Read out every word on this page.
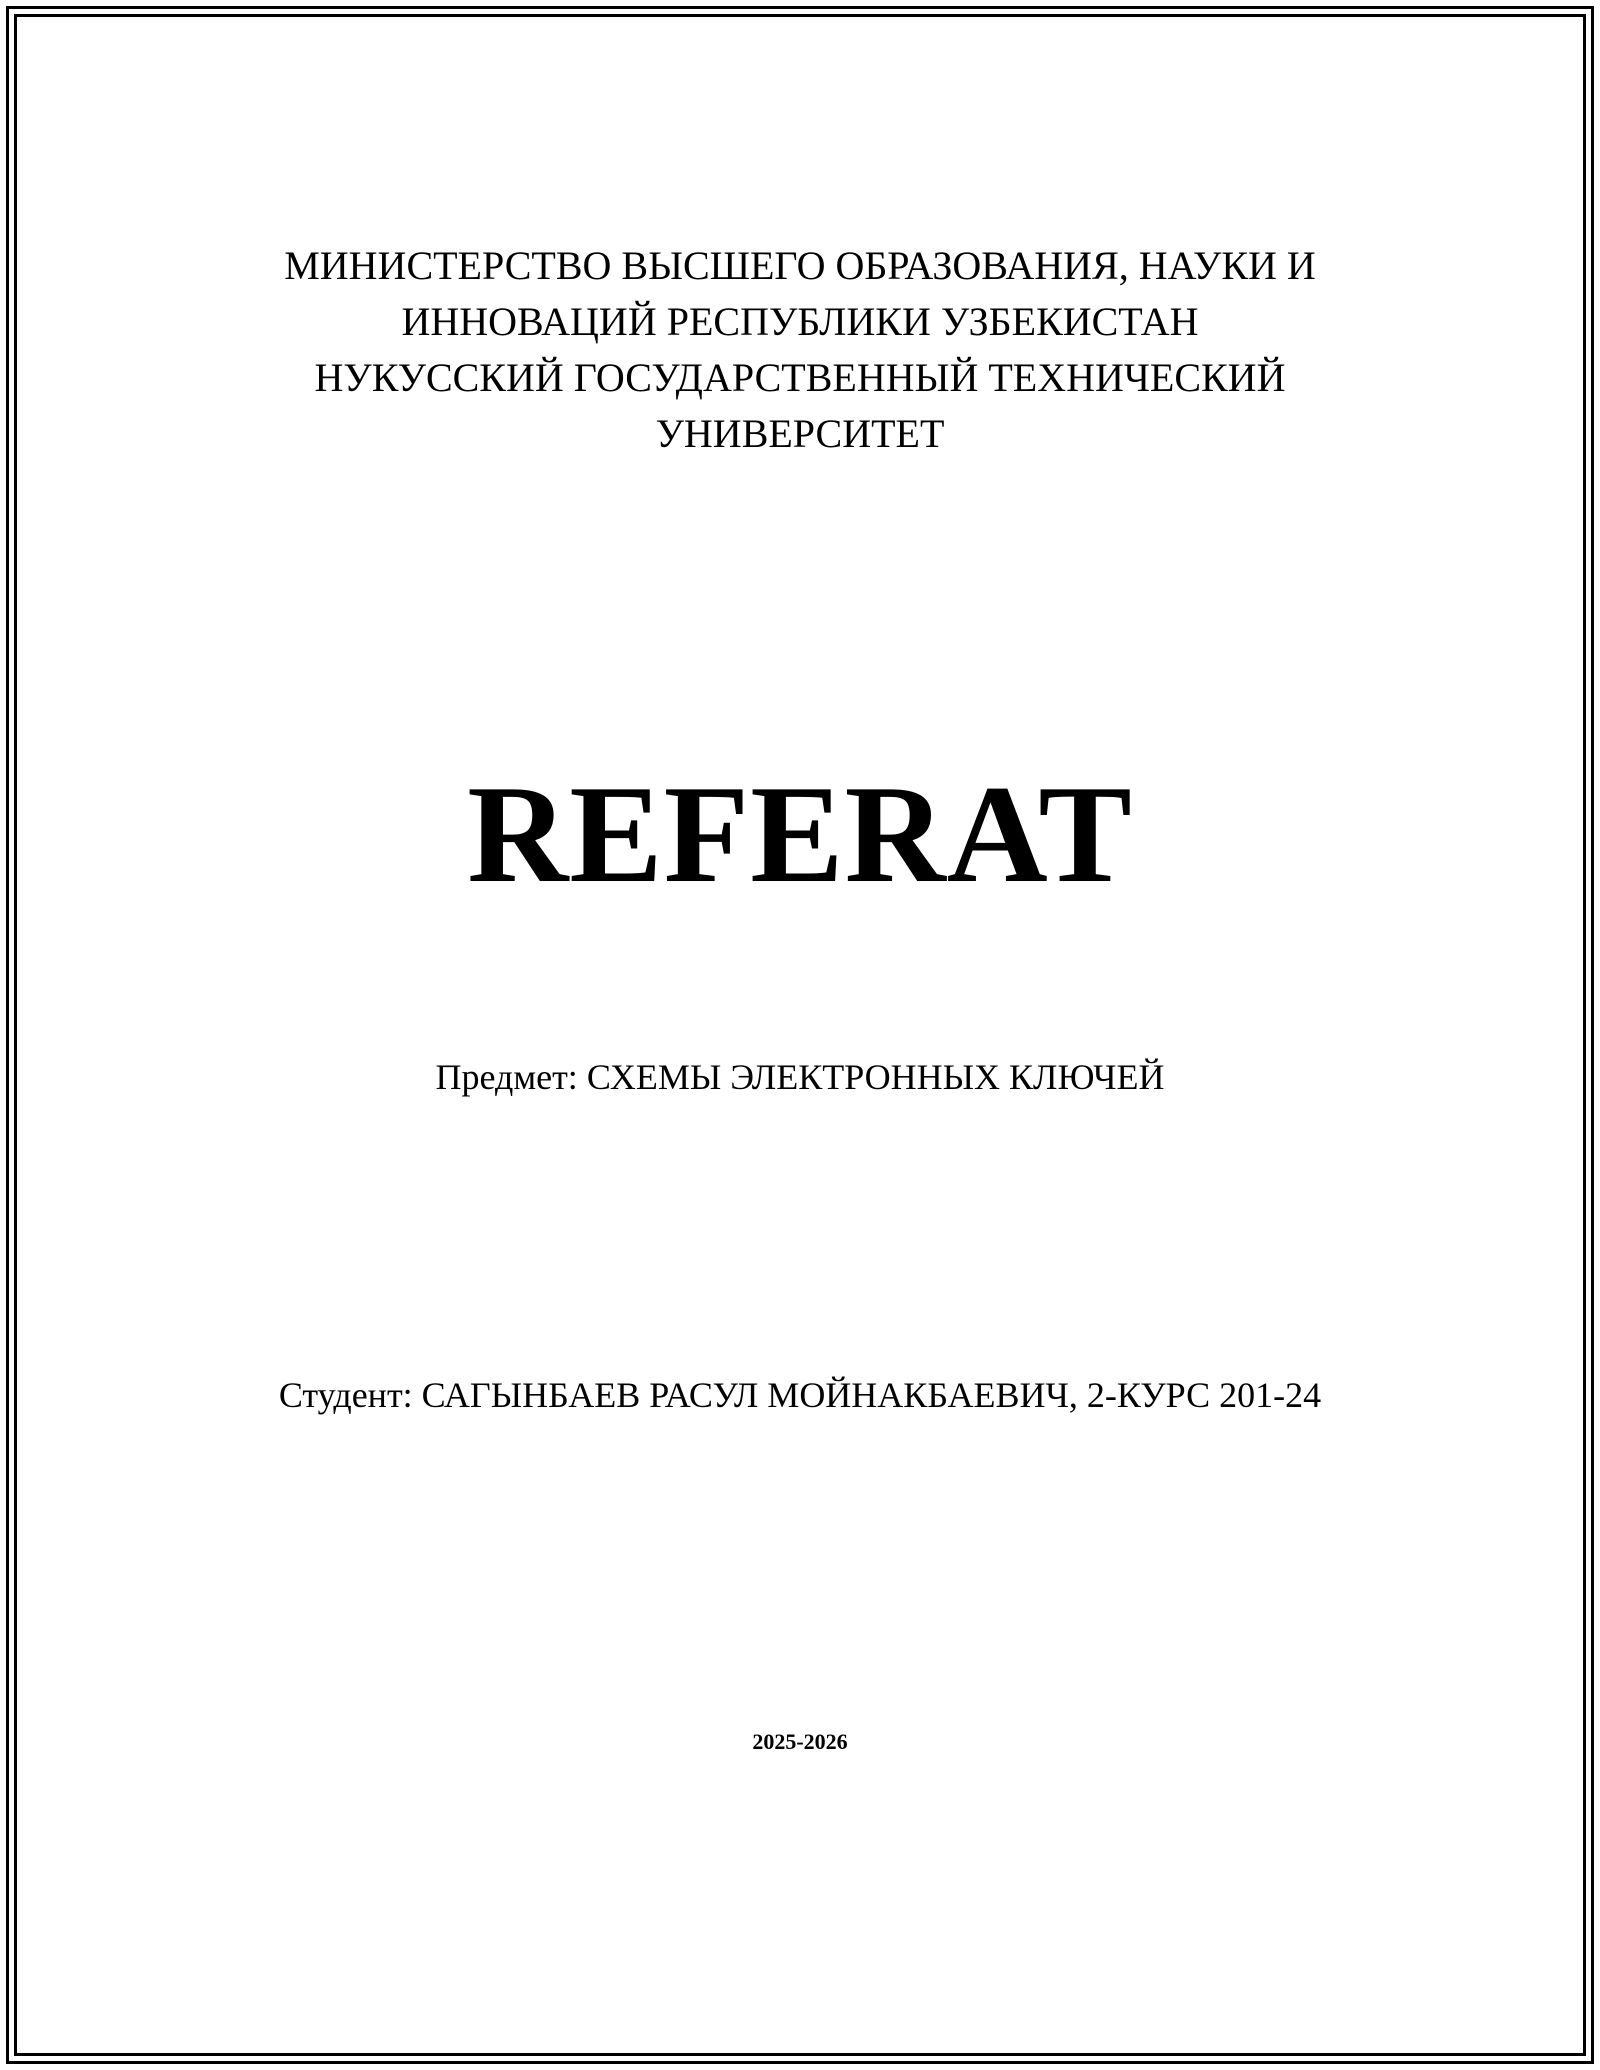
МИНИСТЕРСТВО ВЫСШЕГО ОБРАЗОВАНИЯ, НАУКИ И
ИННОВАЦИЙ РЕСПУБЛИКИ УЗБЕКИСТАН
НУКУССКИЙ ГОСУДАРСТВЕННЫЙ ТЕХНИЧЕСКИЙ
УНИВЕРСИТЕТ
REFERAT
Предмет: СХЕМЫ ЭЛЕКТРОННЫХ КЛЮЧЕЙ
Студент: САГЫНБАЕВ РАСУЛ МОЙНАКБАЕВИЧ, 2-КУРС 201-24
2025-2026
